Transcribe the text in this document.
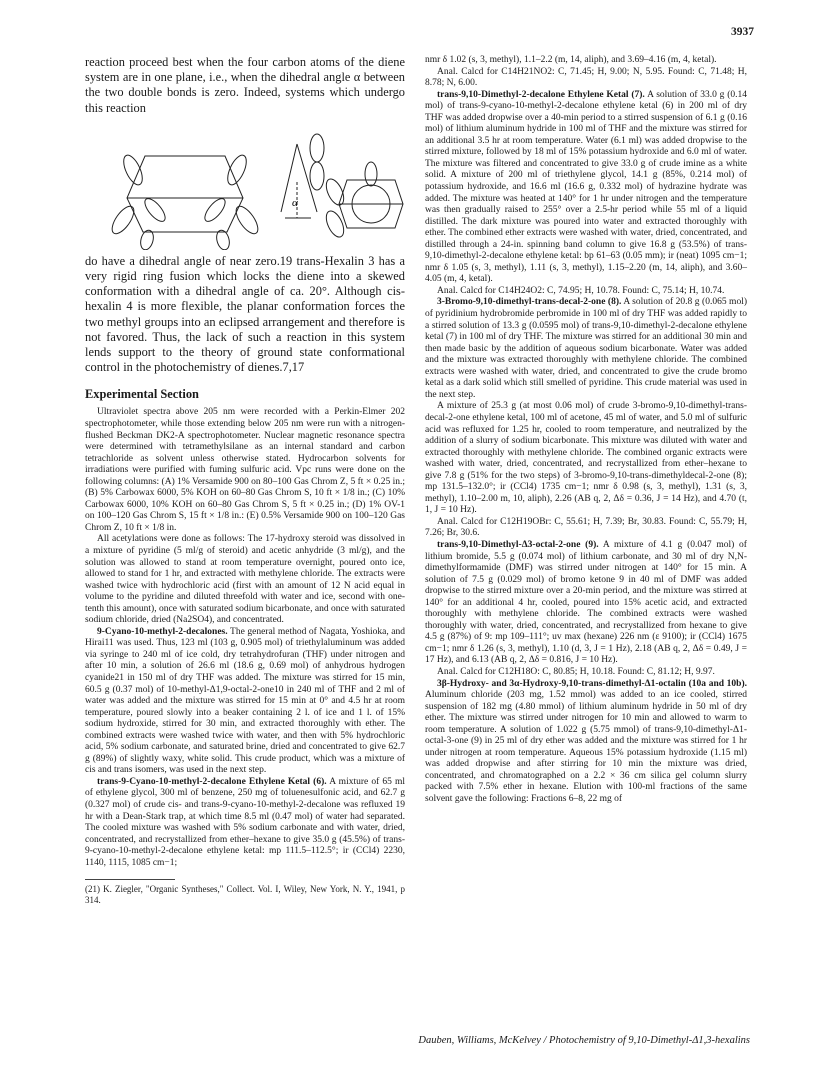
3937

reaction proceed best when the four carbon atoms of the diene system are in one plane, i.e., when the dihedral angle α between the two double bonds is zero. Indeed, systems which undergo this reaction

α

do have a dihedral angle of near zero.19 trans-Hexalin 3 has a very rigid ring fusion which locks the diene into a skewed conformation with a dihedral angle of ca. 20°. Although cis-hexalin 4 is more flexible, the planar conformation forces the two methyl groups into an eclipsed arrangement and therefore is not favored. Thus, the lack of such a reaction in this system lends support to the theory of ground state conformational control in the photochemistry of dienes.7,17

Experimental Section

Ultraviolet spectra above 205 nm were recorded with a Perkin-Elmer 202 spectrophotometer, while those extending below 205 nm were run with a nitrogen-flushed Beckman DK2-A spectrophotometer. Nuclear magnetic resonance spectra were determined with tetramethylsilane as an internal standard and carbon tetrachloride as solvent unless otherwise stated. Hydrocarbon solvents for irradiations were purified with fuming sulfuric acid. Vpc runs were done on the following columns: (A) 1% Versamide 900 on 80–100 Gas Chrom Z, 5 ft × 0.25 in.; (B) 5% Carbowax 6000, 5% KOH on 60–80 Gas Chrom S, 10 ft × 1/8 in.; (C) 10% Carbowax 6000, 10% KOH on 60–80 Gas Chrom S, 5 ft × 0.25 in.; (D) 1% OV-1 on 100–120 Gas Chrom S, 15 ft × 1/8 in.: (E) 0.5% Versamide 900 on 100–120 Gas Chrom Z, 10 ft × 1/8 in.

All acetylations were done as follows: The 17-hydroxy steroid was dissolved in a mixture of pyridine (5 ml/g of steroid) and acetic anhydride (3 ml/g), and the solution was allowed to stand at room temperature overnight, poured onto ice, allowed to stand for 1 hr, and extracted with methylene chloride. The extracts were washed twice with hydrochloric acid (first with an amount of 12 N acid equal in volume to the pyridine and diluted threefold with water and ice, second with one-tenth this amount), once with saturated sodium bicarbonate, and once with saturated sodium chloride, dried (Na2SO4), and concentrated.

9-Cyano-10-methyl-2-decalones. The general method of Nagata, Yoshioka, and Hirai11 was used. Thus, 123 ml (103 g, 0.905 mol) of triethylaluminum was added via syringe to 240 ml of ice cold, dry tetrahydrofuran (THF) under nitrogen and after 10 min, a solution of 26.6 ml (18.6 g, 0.69 mol) of anhydrous hydrogen cyanide21 in 150 ml of dry THF was added. The mixture was stirred for 15 min, 60.5 g (0.37 mol) of 10-methyl-Δ1,9-octal-2-one10 in 240 ml of THF and 2 ml of water was added and the mixture was stirred for 15 min at 0° and 4.5 hr at room temperature, poured slowly into a beaker containing 2 l. of ice and 1 l. of 15% sodium hydroxide, stirred for 30 min, and extracted thoroughly with ether. The combined extracts were washed twice with water, and then with 5% hydrochloric acid, 5% sodium carbonate, and saturated brine, dried and concentrated to give 62.7 g (89%) of slightly waxy, white solid. This crude product, which was a mixture of cis and trans isomers, was used in the next step.

trans-9-Cyano-10-methyl-2-decalone Ethylene Ketal (6). A mixture of 65 ml of ethylene glycol, 300 ml of benzene, 250 mg of toluenesulfonic acid, and 62.7 g (0.327 mol) of crude cis- and trans-9-cyano-10-methyl-2-decalone was refluxed 19 hr with a Dean-Stark trap, at which time 8.5 ml (0.47 mol) of water had separated. The cooled mixture was washed with 5% sodium carbonate and with water, dried, concentrated, and recrystallized from ether–hexane to give 35.0 g (45.5%) of trans-9-cyano-10-methyl-2-decalone ethylene ketal: mp 111.5–112.5°; ir (CCl4) 2230, 1140, 1115, 1085 cm−1;

(21) K. Ziegler, "Organic Syntheses," Collect. Vol. I, Wiley, New York, N. Y., 1941, p 314.

nmr δ 1.02 (s, 3, methyl), 1.1–2.2 (m, 14, aliph), and 3.69–4.16 (m, 4, ketal).

Anal. Calcd for C14H21NO2: C, 71.45; H, 9.00; N, 5.95. Found: C, 71.48; H, 8.78; N, 6.00.

trans-9,10-Dimethyl-2-decalone Ethylene Ketal (7). A solution of 33.0 g (0.14 mol) of trans-9-cyano-10-methyl-2-decalone ethylene ketal (6) in 200 ml of dry THF was added dropwise over a 40-min period to a stirred suspension of 6.1 g (0.16 mol) of lithium aluminum hydride in 100 ml of THF and the mixture was stirred for an additional 3.5 hr at room temperature. Water (6.1 ml) was added dropwise to the stirred mixture, followed by 18 ml of 15% potassium hydroxide and 6.0 ml of water. The mixture was filtered and concentrated to give 33.0 g of crude imine as a white solid. A mixture of 200 ml of triethylene glycol, 14.1 g (85%, 0.214 mol) of potassium hydroxide, and 16.6 ml (16.6 g, 0.332 mol) of hydrazine hydrate was added. The mixture was heated at 140° for 1 hr under nitrogen and the temperature was then gradually raised to 255° over a 2.5-hr period while 55 ml of a liquid distilled. The dark mixture was poured into water and extracted thoroughly with ether. The combined ether extracts were washed with water, dried, concentrated, and distilled through a 24-in. spinning band column to give 16.8 g (53.5%) of trans-9,10-dimethyl-2-decalone ethylene ketal: bp 61–63 (0.05 mm); ir (neat) 1095 cm−1; nmr δ 1.05 (s, 3, methyl), 1.11 (s, 3, methyl), 1.15–2.20 (m, 14, aliph), and 3.60–4.05 (m, 4, ketal).

Anal. Calcd for C14H24O2: C, 74.95; H, 10.78. Found: C, 75.14; H, 10.74.

3-Bromo-9,10-dimethyl-trans-decal-2-one (8). A solution of 20.8 g (0.065 mol) of pyridinium hydrobromide perbromide in 100 ml of dry THF was added rapidly to a stirred solution of 13.3 g (0.0595 mol) of trans-9,10-dimethyl-2-decalone ethylene ketal (7) in 100 ml of dry THF. The mixture was stirred for an additional 30 min and then made basic by the addition of aqueous sodium bicarbonate. Water was added and the mixture was extracted thoroughly with methylene chloride. The combined extracts were washed with water, dried, and concentrated to give the crude bromo ketal as a dark solid which still smelled of pyridine. This crude material was used in the next step.

A mixture of 25.3 g (at most 0.06 mol) of crude 3-bromo-9,10-dimethyl-trans-decal-2-one ethylene ketal, 100 ml of acetone, 45 ml of water, and 5.0 ml of sulfuric acid was refluxed for 1.25 hr, cooled to room temperature, and neutralized by the addition of a slurry of sodium bicarbonate. This mixture was diluted with water and extracted thoroughly with methylene chloride. The combined organic extracts were washed with water, dried, concentrated, and recrystallized from ether–hexane to give 7.8 g (51% for the two steps) of 3-bromo-9,10-trans-dimethyldecal-2-one (8); mp 131.5–132.0°; ir (CCl4) 1735 cm−1; nmr δ 0.98 (s, 3, methyl), 1.31 (s, 3, methyl), 1.10–2.00 m, 10, aliph), 2.26 (AB q, 2, Δδ = 0.36, J = 14 Hz), and 4.70 (t, 1, J = 10 Hz).

Anal. Calcd for C12H19OBr: C, 55.61; H, 7.39; Br, 30.83. Found: C, 55.79; H, 7.26; Br, 30.6.

trans-9,10-Dimethyl-Δ3-octal-2-one (9). A mixture of 4.1 g (0.047 mol) of lithium bromide, 5.5 g (0.074 mol) of lithium carbonate, and 30 ml of dry N,N-dimethylformamide (DMF) was stirred under nitrogen at 140° for 15 min. A solution of 7.5 g (0.029 mol) of bromo ketone 9 in 40 ml of DMF was added dropwise to the stirred mixture over a 20-min period, and the mixture was stirred at 140° for an additional 4 hr, cooled, poured into 15% acetic acid, and extracted thoroughly with methylene chloride. The combined extracts were washed thoroughly with water, dried, concentrated, and recrystallized from hexane to give 4.5 g (87%) of 9: mp 109–111°; uv max (hexane) 226 nm (ε 9100); ir (CCl4) 1675 cm−1; nmr δ 1.26 (s, 3, methyl), 1.10 (d, 3, J = 1 Hz), 2.18 (AB q, 2, Δδ = 0.49, J = 17 Hz), and 6.13 (AB q, 2, Δδ = 0.816, J = 10 Hz).

Anal. Calcd for C12H18O: C, 80.85; H, 10.18. Found: C, 81.12; H, 9.97.

3β-Hydroxy- and 3α-Hydroxy-9,10-trans-dimethyl-Δ1-octalin (10a and 10b). Aluminum chloride (203 mg, 1.52 mmol) was added to an ice cooled, stirred suspension of 182 mg (4.80 mmol) of lithium aluminum hydride in 50 ml of dry ether. The mixture was stirred under nitrogen for 10 min and allowed to warm to room temperature. A solution of 1.022 g (5.75 mmol) of trans-9,10-dimethyl-Δ1-octal-3-one (9) in 25 ml of dry ether was added and the mixture was stirred for 1 hr under nitrogen at room temperature. Aqueous 15% potassium hydroxide (1.15 ml) was added dropwise and after stirring for 10 min the mixture was dried, concentrated, and chromatographed on a 2.2 × 36 cm silica gel column slurry packed with 7.5% ether in hexane. Elution with 100-ml fractions of the same solvent gave the following: Fractions 6–8, 22 mg of

Dauben, Williams, McKelvey / Photochemistry of 9,10-Dimethyl-Δ1,3-hexalins
